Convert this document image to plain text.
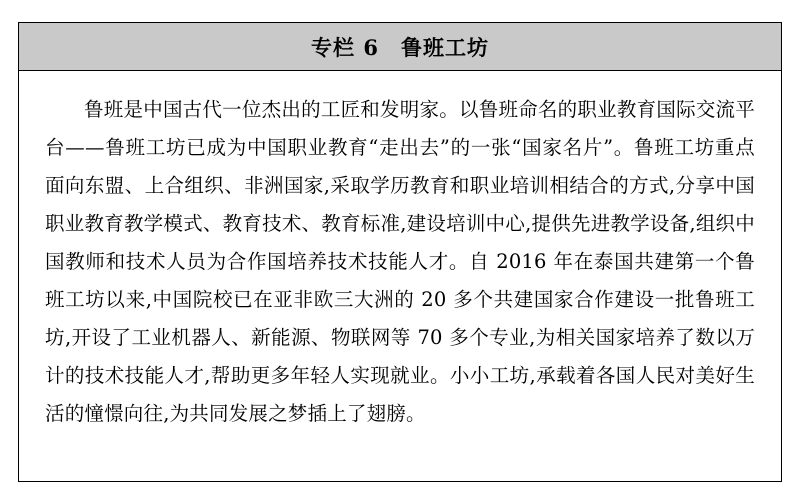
专栏 6　鲁班工坊

鲁班是中国古代一位杰出的工匠和发明家。以鲁班命名的职业教育国际交流平台——鲁班工坊已成为中国职业教育“走出去”的一张“国家名片”。鲁班工坊重点面向东盟、上合组织、非洲国家,采取学历教育和职业培训相结合的方式,分享中国职业教育教学模式、教育技术、教育标准,建设培训中心,提供先进教学设备,组织中国教师和技术人员为合作国培养技术技能人才。自 2016 年在泰国共建第一个鲁班工坊以来,中国院校已在亚非欧三大洲的 20 多个共建国家合作建设一批鲁班工坊,开设了工业机器人、新能源、物联网等 70 多个专业,为相关国家培养了数以万计的技术技能人才,帮助更多年轻人实现就业。小小工坊,承载着各国人民对美好生活的憧憬向往,为共同发展之梦插上了翅膀。
